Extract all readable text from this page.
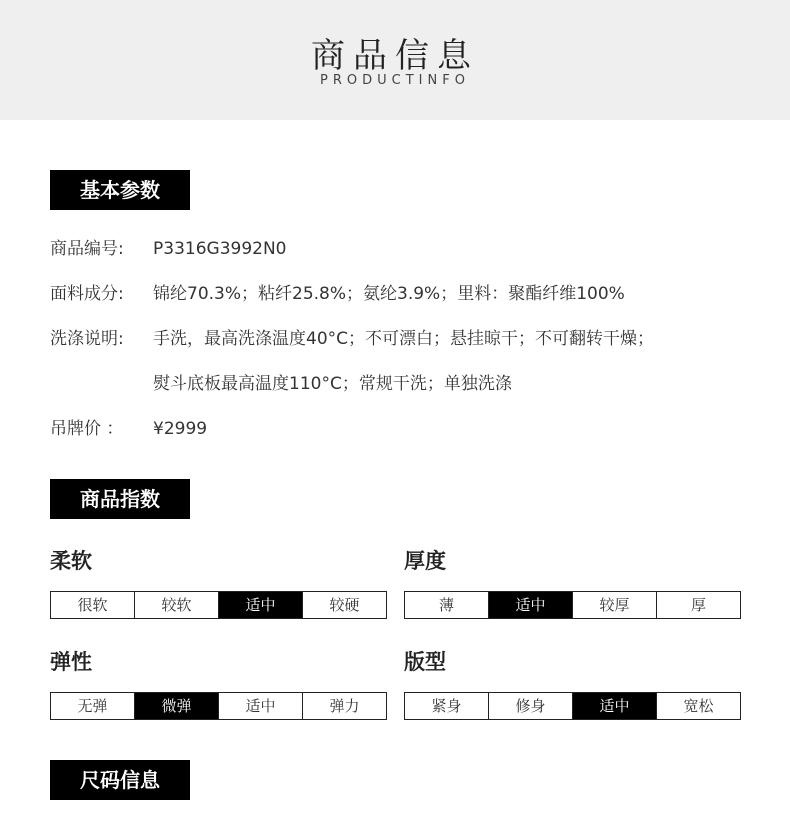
商品信息
PRODUCTINFO
基本参数
商品编号: P3316G3992N0
面料成分: 锦纶70.3%；粘纤25.8%；氨纶3.9%；里料：聚酯纤维100%
洗涤说明: 手洗，最高洗涤温度40°C；不可漂白；悬挂晾干；不可翻转干燥；
熨斗底板最高温度110°C；常规干洗；单独洗涤
吊牌价 ： ¥2999
商品指数
柔软
很软	较软	适中	较硬
厚度
薄	适中	较厚	厚
弹性
无弹	微弹	适中	弹力
版型
紧身	修身	适中	宽松
尺码信息
